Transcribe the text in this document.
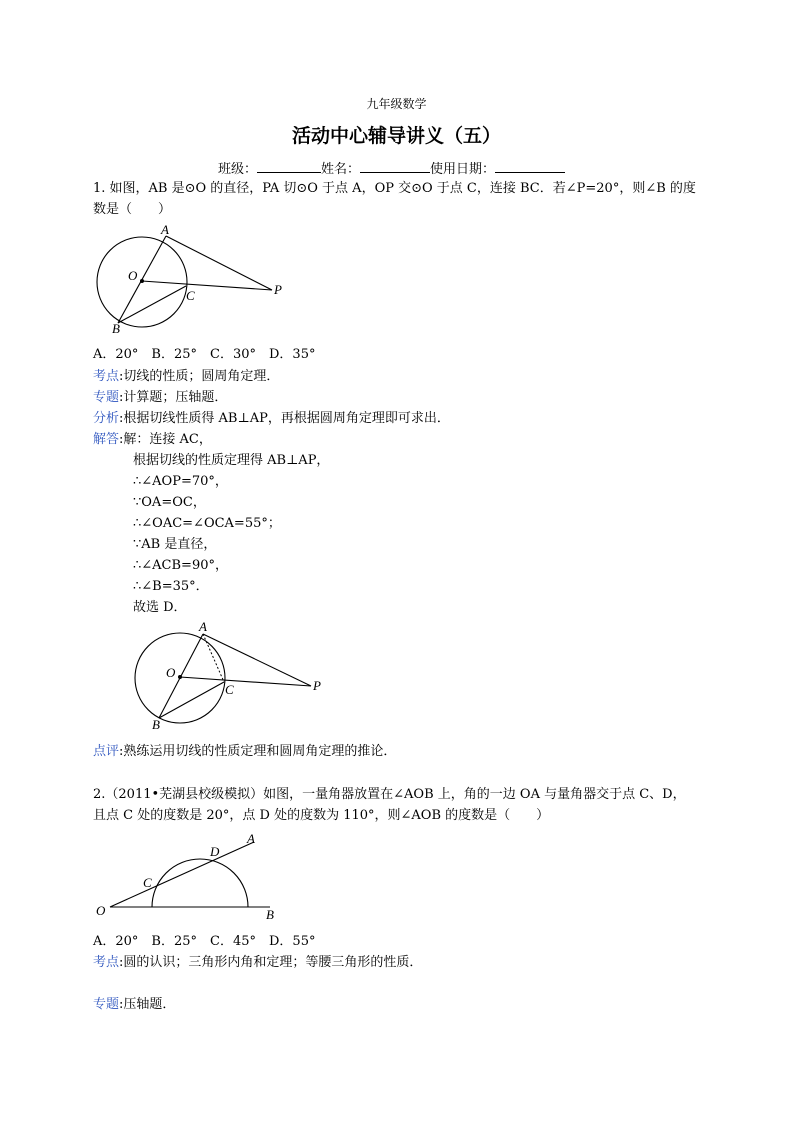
九年级数学
活动中心辅导讲义（五）
班级：	姓名：	使用日期：
1. 如图，AB 是⊙O 的直径，PA 切⊙O 于点 A，OP 交⊙O 于点 C，连接 BC．若∠P=20°，则∠B 的度
数是（　　）
A
O
C	P
B
A．20°　B．25°　C．30°　D．35°
考点:切线的性质；圆周角定理．
专题:计算题；压轴题．
分析:根据切线性质得 AB⊥AP，再根据圆周角定理即可求出．
解答:解：连接 AC，
根据切线的性质定理得 AB⊥AP，
∴∠AOP=70°，
∵OA=OC，
∴∠OAC=∠OCA=55°；
∵AB 是直径，
∴∠ACB=90°，
∴∠B=35°．
故选 D．
A
O
C	P
B
点评:熟练运用切线的性质定理和圆周角定理的推论．
2.（2011•芜湖县校级模拟）如图，一量角器放置在∠AOB 上，角的一边 OA 与量角器交于点 C、D，
且点 C 处的度数是 20°，点 D 处的度数为 110°，则∠AOB 的度数是（　　）
A
D
C
O	B
A．20°　B．25°　C．45°　D．55°
考点:圆的认识；三角形内角和定理；等腰三角形的性质．
专题:压轴题．
